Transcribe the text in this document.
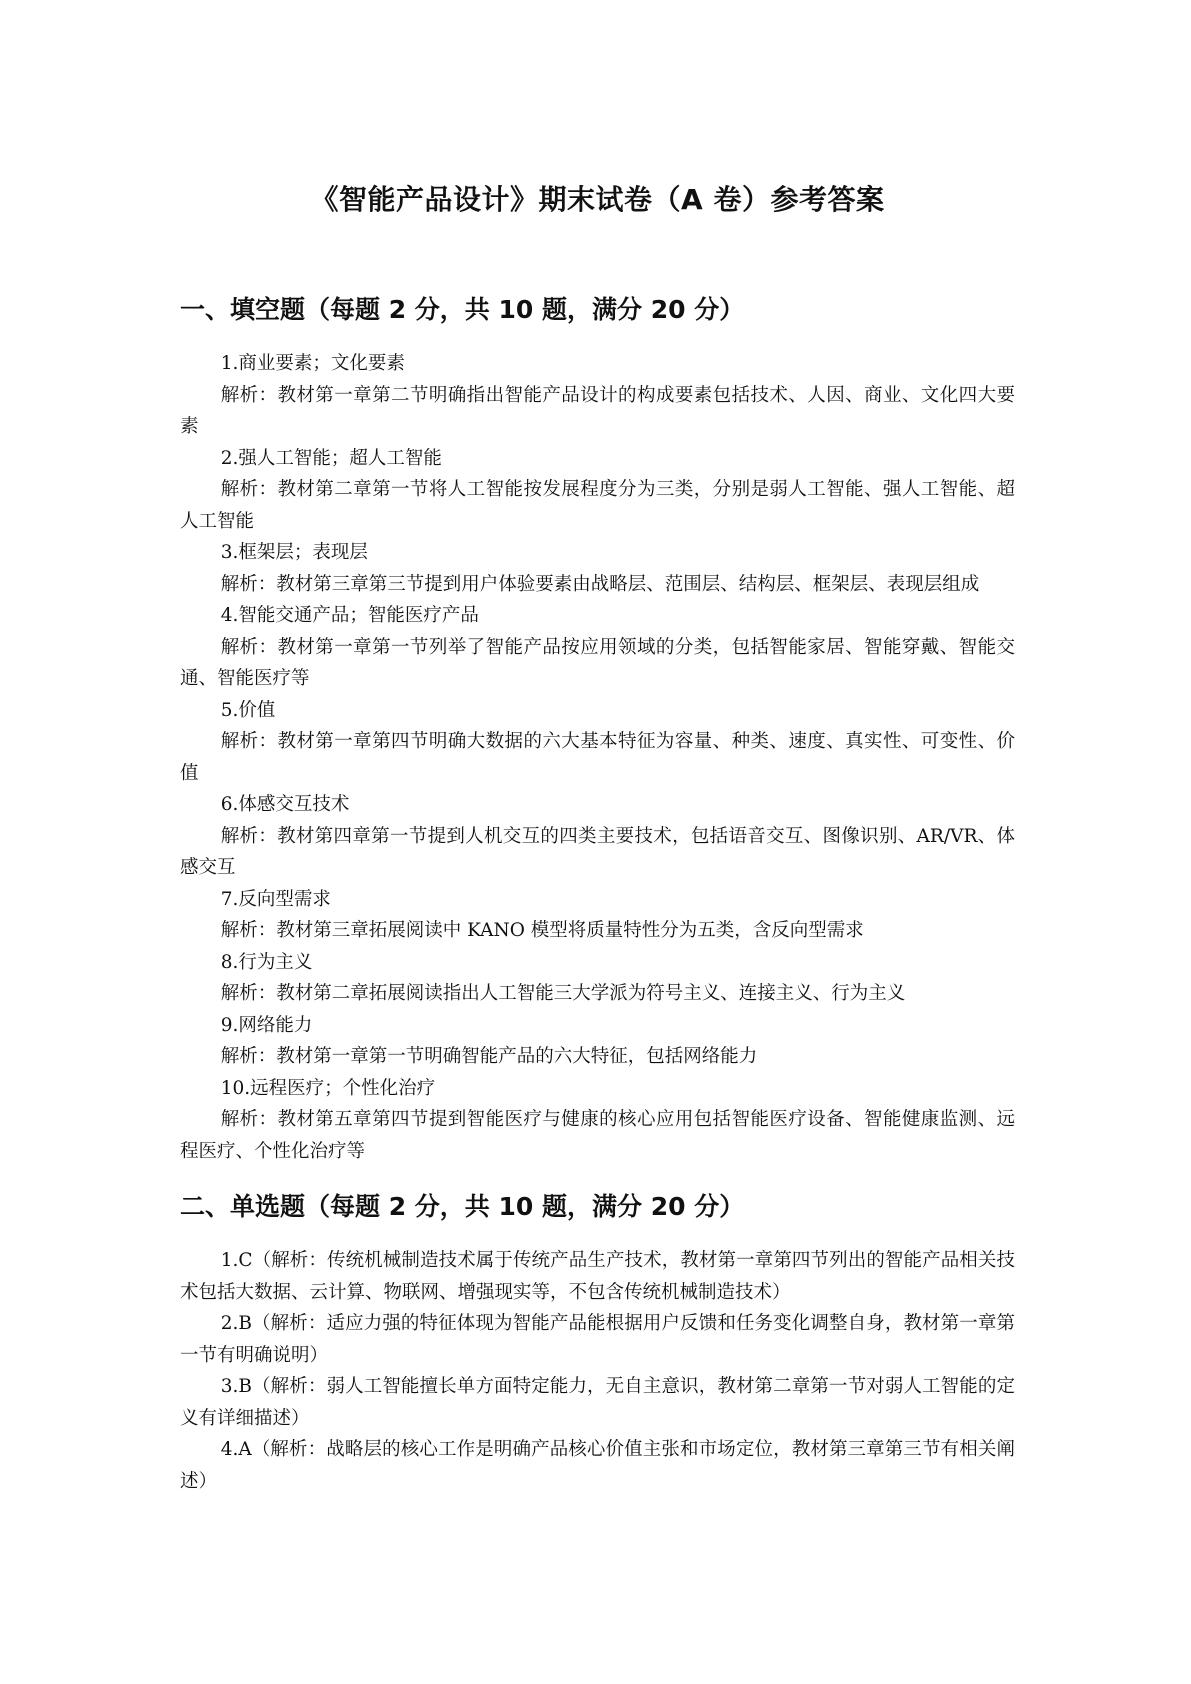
《智能产品设计》期末试卷（A 卷）参考答案
一、填空题（每题 2 分，共 10 题，满分 20 分）

1.商业要素；文化要素

解析：教材第一章第二节明确指出智能产品设计的构成要素包括技术、人因、商业、文化四大要素

2.强人工智能；超人工智能

解析：教材第二章第一节将人工智能按发展程度分为三类，分别是弱人工智能、强人工智能、超人工智能

3.框架层；表现层

解析：教材第三章第三节提到用户体验要素由战略层、范围层、结构层、框架层、表现层组成

4.智能交通产品；智能医疗产品

解析：教材第一章第一节列举了智能产品按应用领域的分类，包括智能家居、智能穿戴、智能交通、智能医疗等

5.价值

解析：教材第一章第四节明确大数据的六大基本特征为容量、种类、速度、真实性、可变性、价值

6.体感交互技术

解析：教材第四章第一节提到人机交互的四类主要技术，包括语音交互、图像识别、AR/VR、体感交互

7.反向型需求

解析：教材第三章拓展阅读中 KANO 模型将质量特性分为五类，含反向型需求

8.行为主义

解析：教材第二章拓展阅读指出人工智能三大学派为符号主义、连接主义、行为主义

9.网络能力

解析：教材第一章第一节明确智能产品的六大特征，包括网络能力

10.远程医疗；个性化治疗

解析：教材第五章第四节提到智能医疗与健康的核心应用包括智能医疗设备、智能健康监测、远程医疗、个性化治疗等

二、单选题（每题 2 分，共 10 题，满分 20 分）

1.C（解析：传统机械制造技术属于传统产品生产技术，教材第一章第四节列出的智能产品相关技术包括大数据、云计算、物联网、增强现实等，不包含传统机械制造技术）

2.B（解析：适应力强的特征体现为智能产品能根据用户反馈和任务变化调整自身，教材第一章第一节有明确说明）

3.B（解析：弱人工智能擅长单方面特定能力，无自主意识，教材第二章第一节对弱人工智能的定义有详细描述）

4.A（解析：战略层的核心工作是明确产品核心价值主张和市场定位，教材第三章第三节有相关阐述）
